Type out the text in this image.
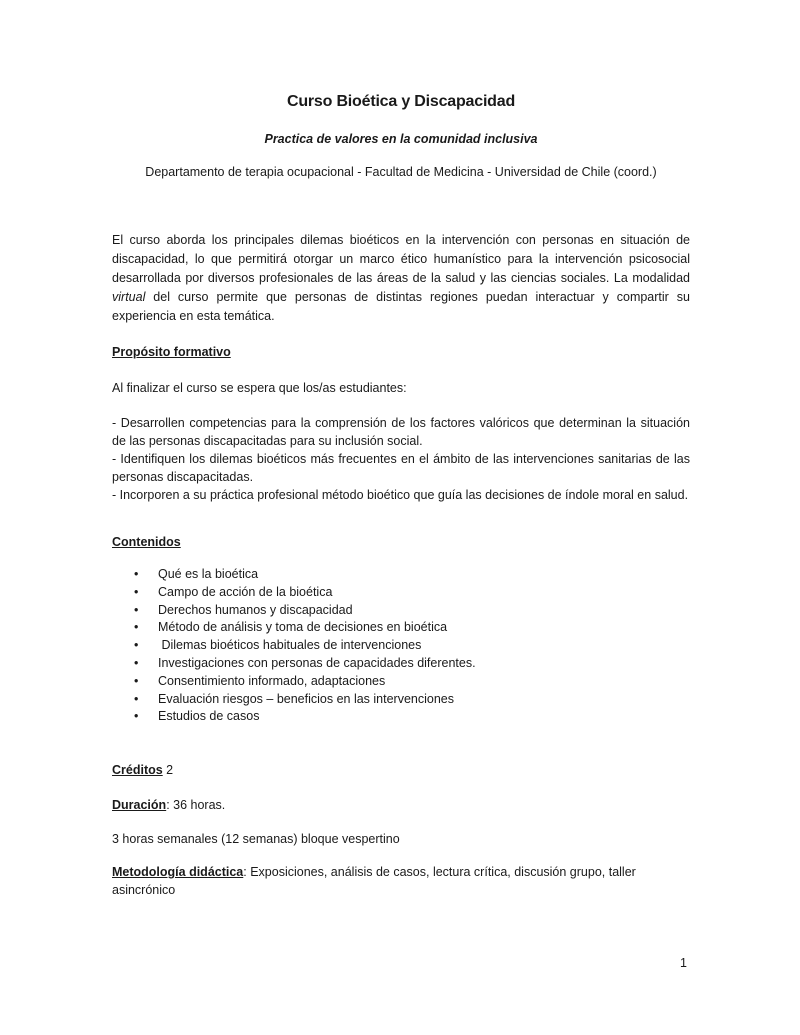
Curso Bioética y Discapacidad
Practica de valores en la comunidad inclusiva
Departamento de terapia ocupacional - Facultad de Medicina - Universidad de Chile (coord.)

El curso aborda los principales dilemas bioéticos en la intervención con personas en situación de discapacidad, lo que permitirá otorgar un marco ético humanístico para la intervención psicosocial desarrollada por diversos profesionales de las áreas de la salud y las ciencias sociales. La modalidad virtual del curso permite que personas de distintas regiones puedan interactuar y compartir su experiencia en esta temática.

Propósito formativo

Al finalizar el curso se espera que los/as estudiantes:

- Desarrollen competencias para la comprensión de los factores valóricos que determinan la situación de las personas discapacitadas para su inclusión social.
- Identifiquen los dilemas bioéticos más frecuentes en el ámbito de las intervenciones sanitarias de las personas discapacitadas.
- Incorporen a su práctica profesional método bioético que guía las decisiones de índole moral en salud.

Contenidos

• Qué es la bioética
• Campo de acción de la bioética
• Derechos humanos y discapacidad
• Método de análisis y toma de decisiones en bioética
• Dilemas bioéticos habituales de intervenciones
• Investigaciones con personas de capacidades diferentes.
• Consentimiento informado, adaptaciones
• Evaluación riesgos – beneficios en las intervenciones
• Estudios de casos

Créditos 2

Duración: 36 horas.

3 horas semanales (12 semanas) bloque vespertino

Metodología didáctica: Exposiciones, análisis de casos, lectura crítica, discusión grupo, taller asincrónico

1
